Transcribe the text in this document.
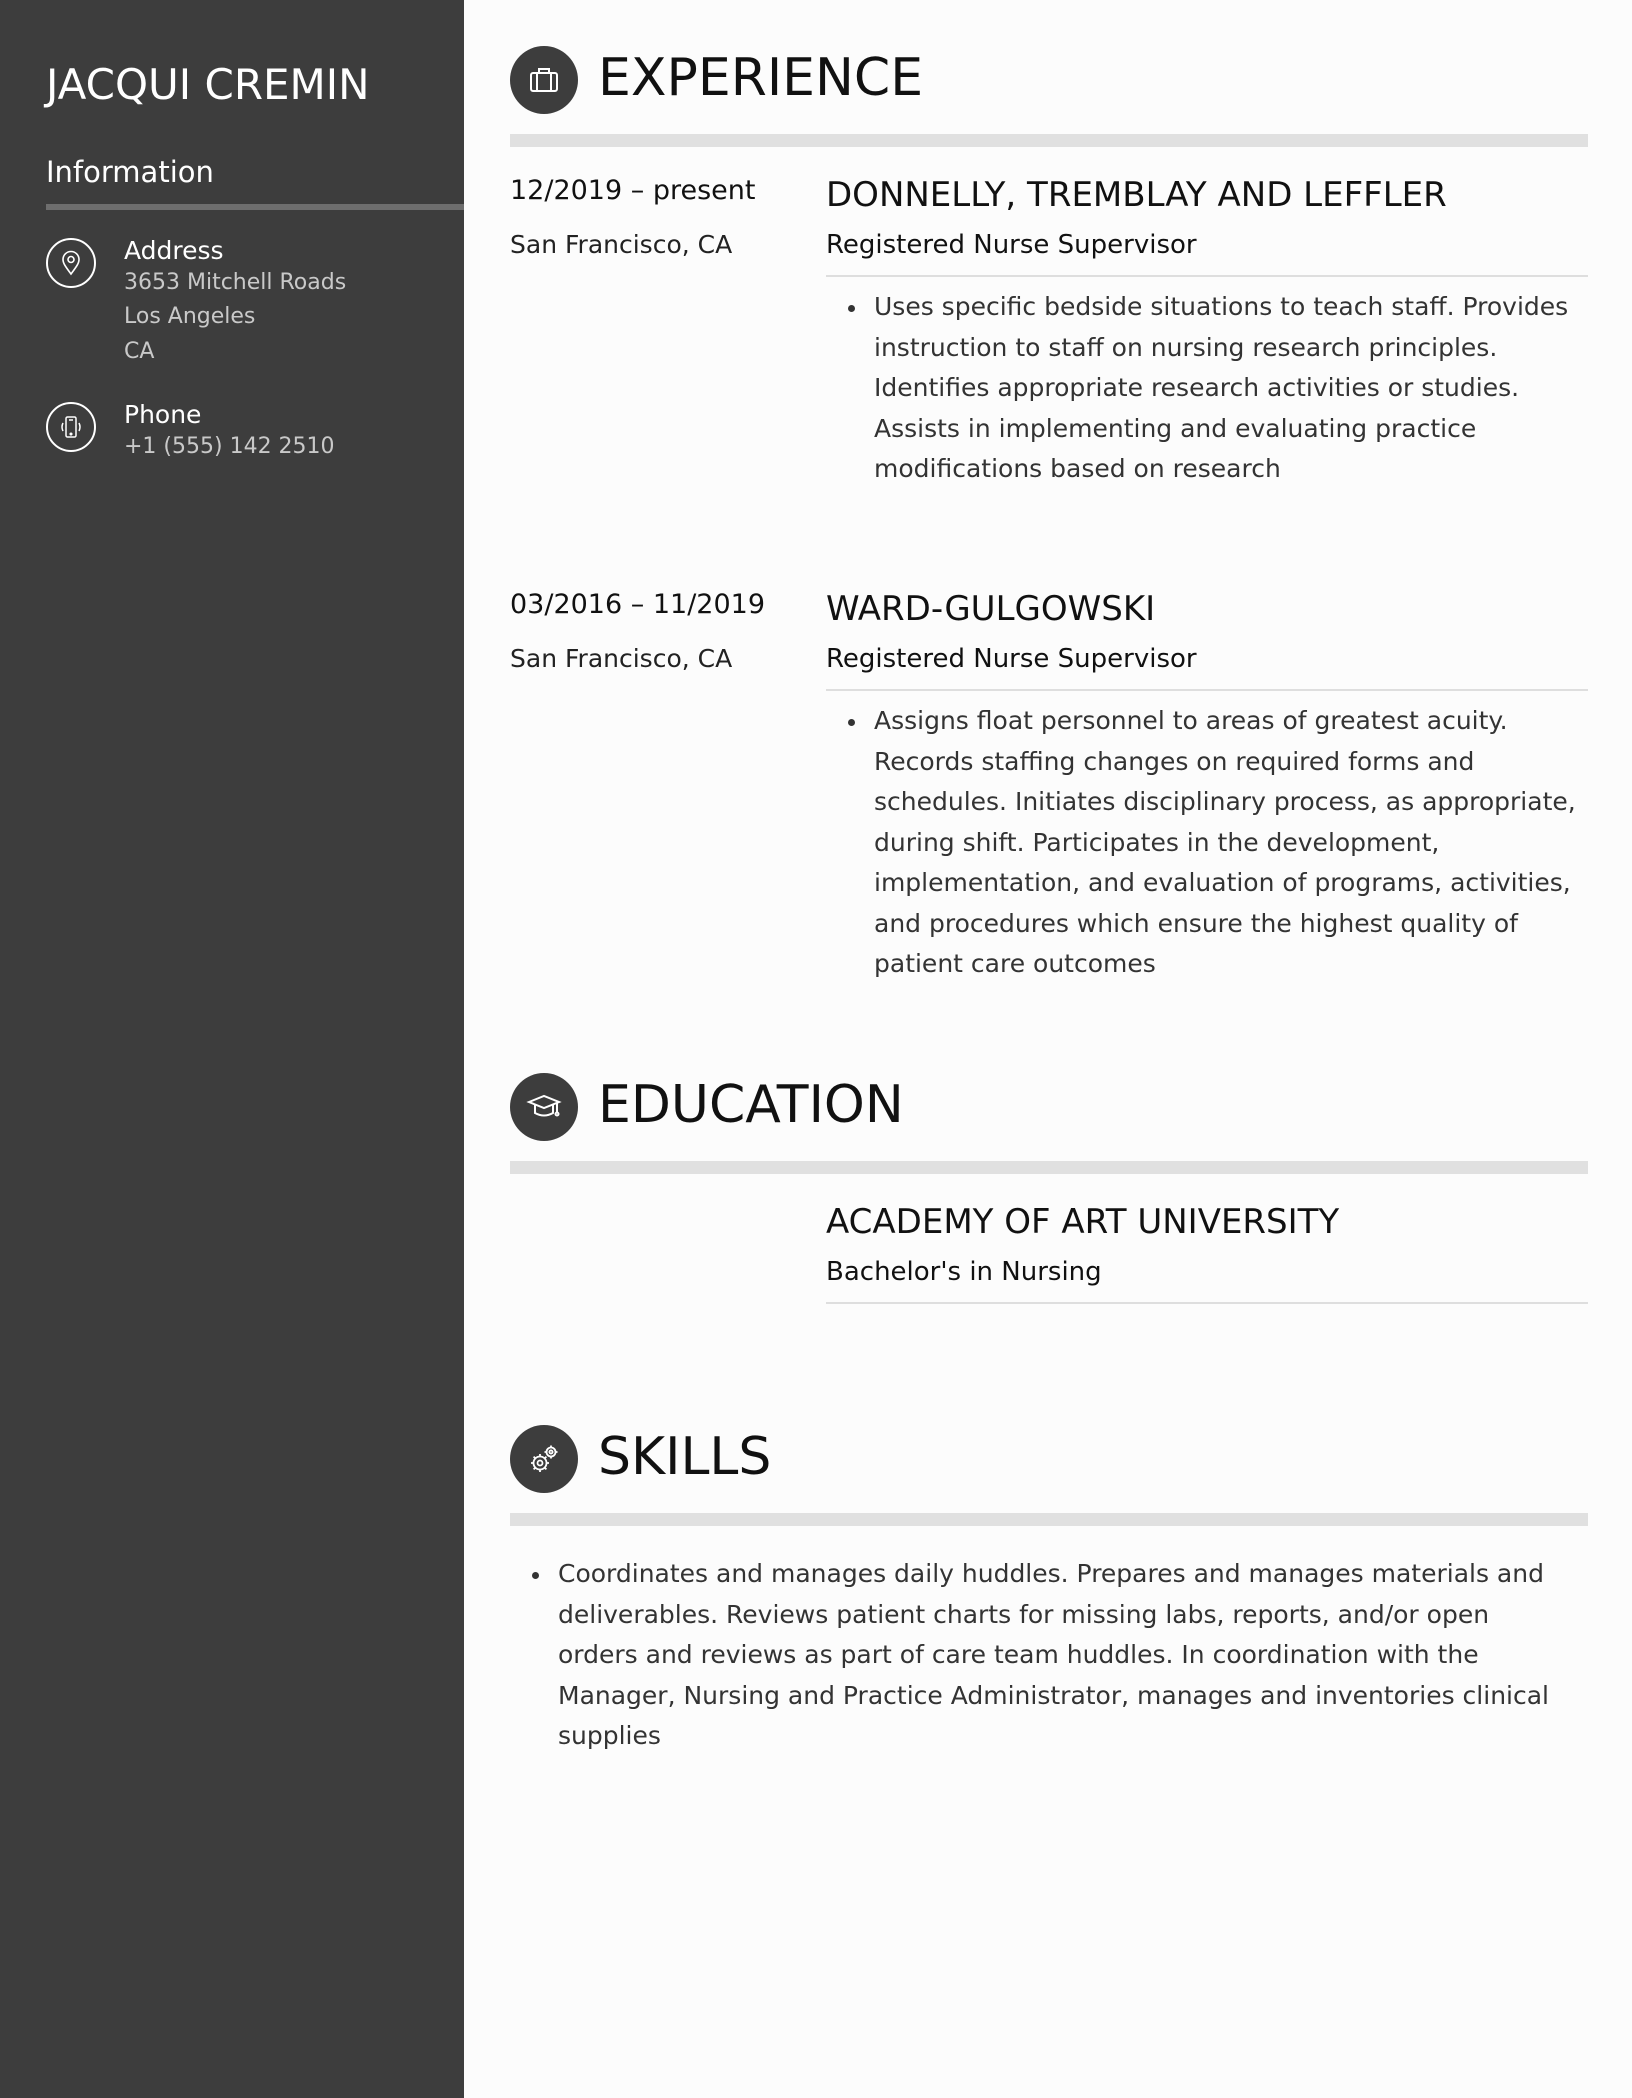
JACQUI CREMIN
Information
Address
3653 Mitchell Roads
Los Angeles
CA
Phone
+1 (555) 142 2510
EXPERIENCE
12/2019 – present
San Francisco, CA
DONNELLY, TREMBLAY AND LEFFLER
Registered Nurse Supervisor
Uses specific bedside situations to teach staff. Provides instruction to staff on nursing research principles. Identifies appropriate research activities or studies. Assists in implementing and evaluating practice modifications based on research
03/2016 – 11/2019
San Francisco, CA
WARD-GULGOWSKI
Registered Nurse Supervisor
Assigns float personnel to areas of greatest acuity. Records staffing changes on required forms and schedules. Initiates disciplinary process, as appropriate, during shift. Participates in the development, implementation, and evaluation of programs, activities, and procedures which ensure the highest quality of patient care outcomes
EDUCATION
ACADEMY OF ART UNIVERSITY
Bachelor's in Nursing
SKILLS
Coordinates and manages daily huddles. Prepares and manages materials and deliverables. Reviews patient charts for missing labs, reports, and/or open orders and reviews as part of care team huddles. In coordination with the Manager, Nursing and Practice Administrator, manages and inventories clinical supplies
